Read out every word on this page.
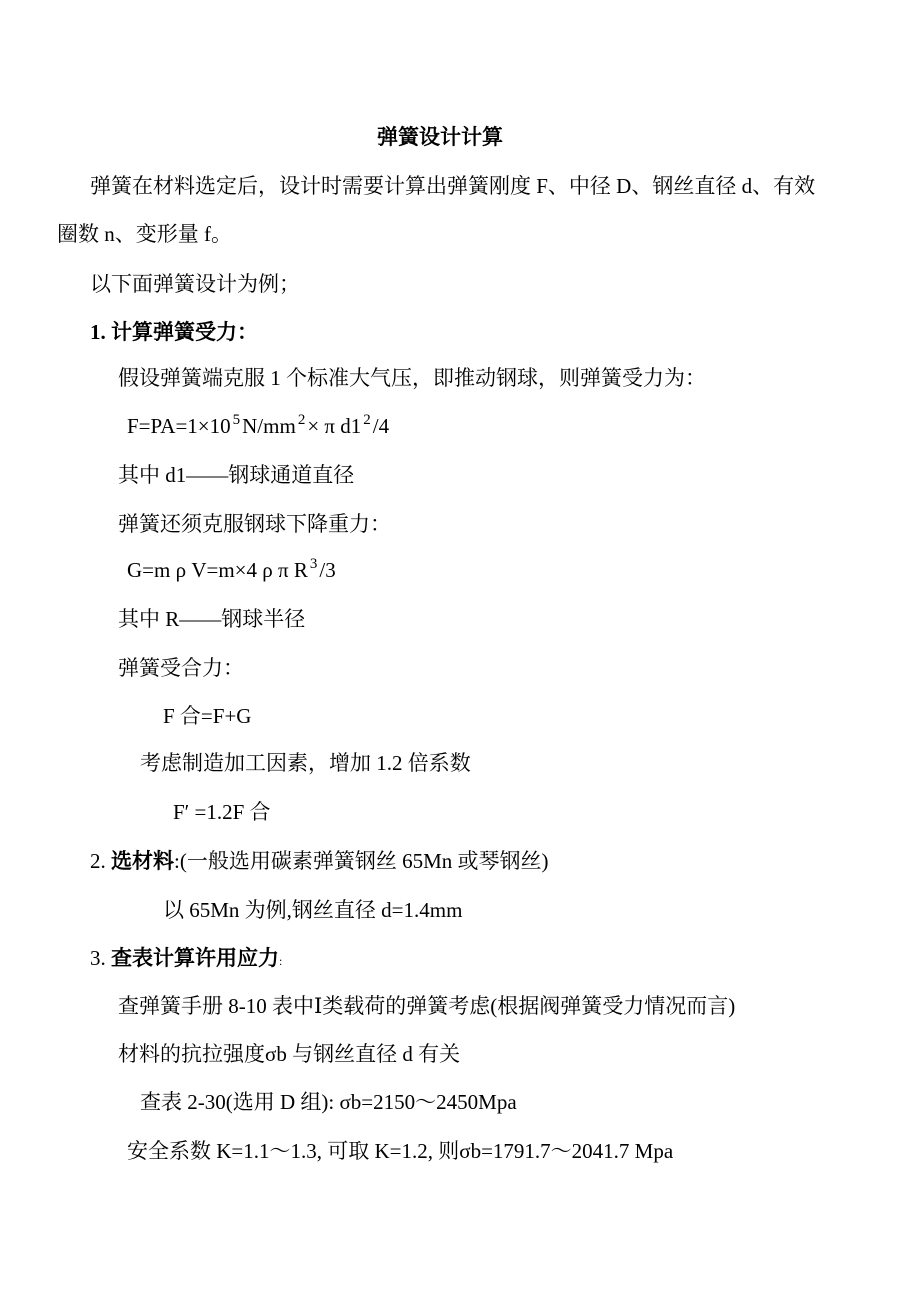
弹簧设计计算
弹簧在材料选定后，设计时需要计算出弹簧刚度 F、中径 D、钢丝直径 d、有效
圈数 n、变形量 f。
以下面弹簧设计为例；
1. 计算弹簧受力：
假设弹簧端克服 1 个标准大气压，即推动钢球，则弹簧受力为：
F=PA=1×10 $^5$N/mm $^2$× π d1 $^2$/4
其中 d1——钢球通道直径
弹簧还须克服钢球下降重力：
G=m ρ V=m×4 ρ π R $^3$/3
其中 R——钢球半径
弹簧受合力：
F 合=F+G
考虑制造加工因素，增加 1.2 倍系数
F′ =1.2F 合
2. 选材料:(一般选用碳素弹簧钢丝 65Mn 或琴钢丝)
以 65Mn 为例,钢丝直径 d=1.4mm
3. 查表计算许用应力:
查弹簧手册 8-10 表中Ⅰ类载荷的弹簧考虑(根据阀弹簧受力情况而言)
材料的抗拉强度σb 与钢丝直径 d 有关
查表 2-30(选用 D 组): σb=2150～2450Mpa
安全系数 K=1.1～1.3, 可取 K=1.2, 则σb=1791.7～2041.7 Mpa
